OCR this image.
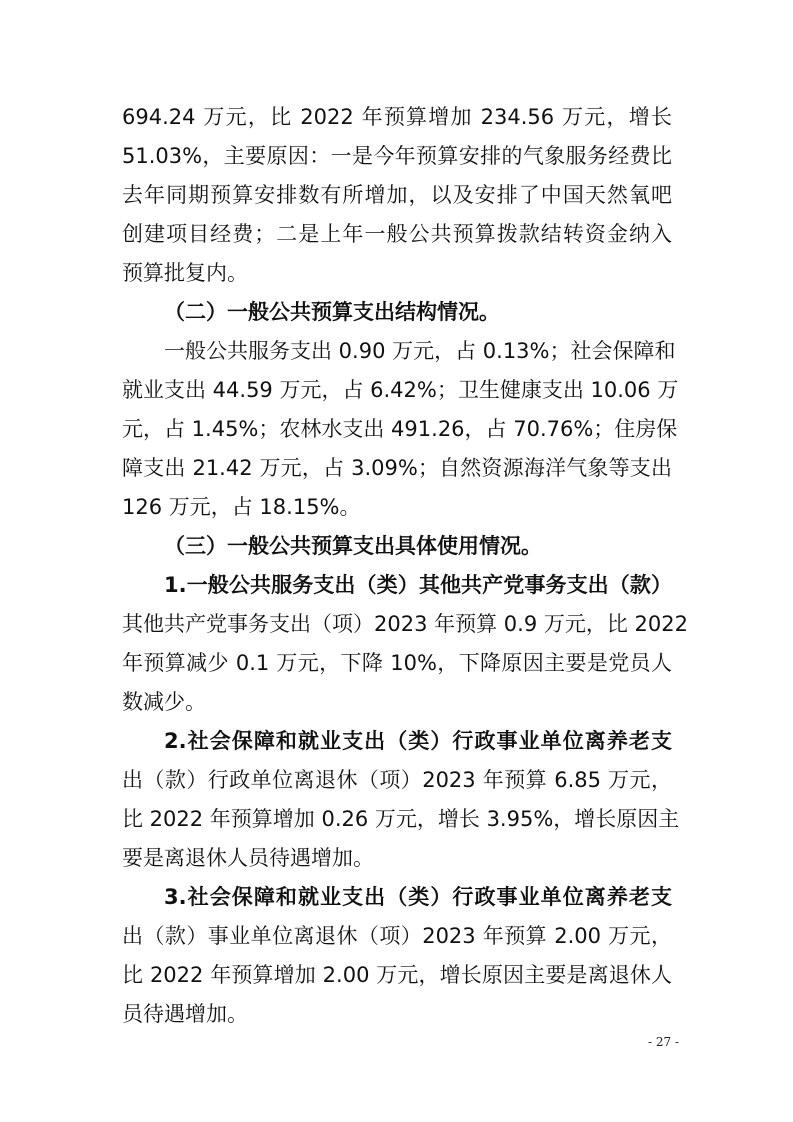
694.24 万元，比 2022 年预算增加 234.56 万元，增长
51.03%，主要原因：一是今年预算安排的气象服务经费比
去年同期预算安排数有所增加，以及安排了中国天然氧吧
创建项目经费；二是上年一般公共预算拨款结转资金纳入
预算批复内。
（二）一般公共预算支出结构情况。
一般公共服务支出 0.90 万元，占 0.13%；社会保障和
就业支出 44.59 万元，占 6.42%；卫生健康支出 10.06 万
元，占 1.45%；农林水支出 491.26，占 70.76%；住房保
障支出 21.42 万元，占 3.09%；自然资源海洋气象等支出
126 万元，占 18.15%。
（三）一般公共预算支出具体使用情况。
1.一般公共服务支出（类）其他共产党事务支出（款）
其他共产党事务支出（项）2023 年预算 0.9 万元，比 2022
年预算减少 0.1 万元，下降 10%，下降原因主要是党员人
数减少。
2.社会保障和就业支出（类）行政事业单位离养老支
出（款）行政单位离退休（项）2023 年预算 6.85 万元，
比 2022 年预算增加 0.26 万元，增长 3.95%，增长原因主
要是离退休人员待遇增加。
3.社会保障和就业支出（类）行政事业单位离养老支
出（款）事业单位离退休（项）2023 年预算 2.00 万元，
比 2022 年预算增加 2.00 万元，增长原因主要是离退休人
员待遇增加。
- 27 -
